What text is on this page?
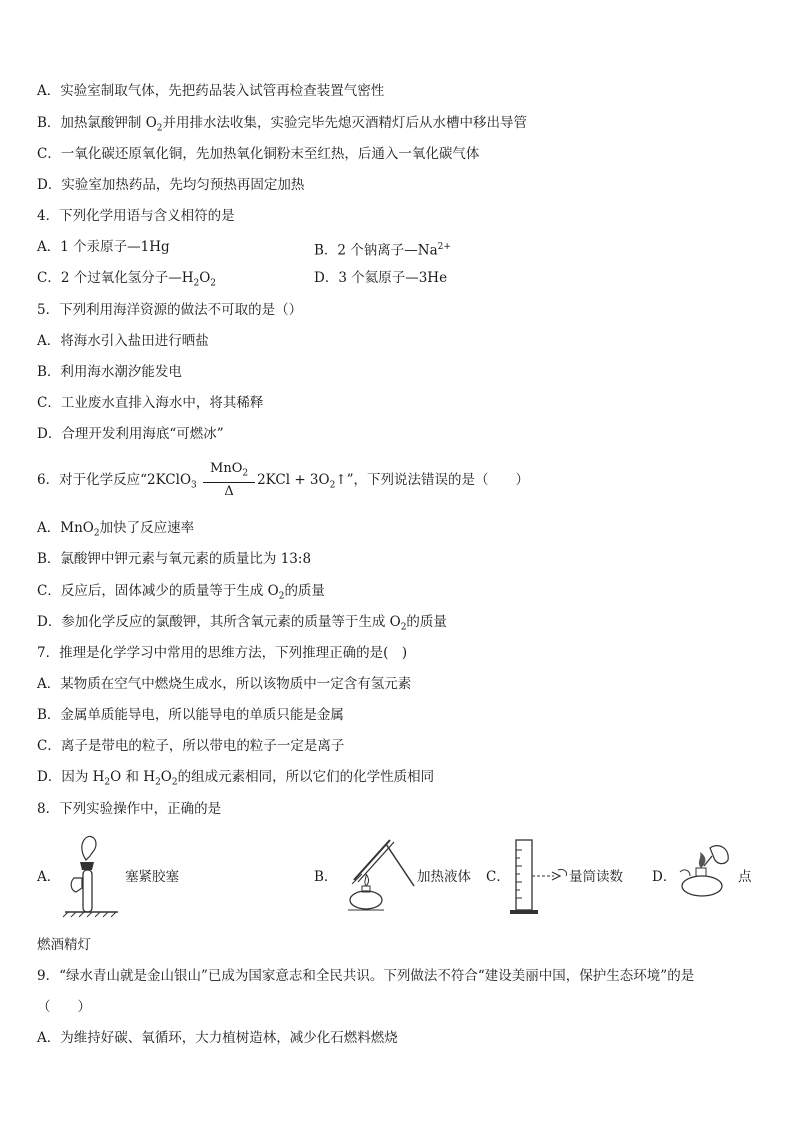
A．实验室制取气体，先把药品装入试管再检查装置气密性
B．加热氯酸钾制 $O_2$并用排水法收集，实验完毕先熄灭酒精灯后从水槽中移出导管
C．一氧化碳还原氧化铜，先加热氧化铜粉末至红热，后通入一氧化碳气体
D．实验室加热药品，先均匀预热再固定加热
4．下列化学用语与含义相符的是
A．1 个汞原子—1Hg	B．2 个钠离子$—Na^{2+}$
C．2 个过氧化氢分子$—H_2O_2$	D．3 个氦原子—3He
5．下列利用海洋资源的做法不可取的是（）
A．将海水引入盐田进行晒盐
B．利用海水潮汐能发电
C．工业废水直排入海水中，将其稀释
D．合理开发利用海底“可燃冰”
6．对于化学反应“2KClO$_3$ $\frac{MnO_2}{\Delta} 2KCl$ + $3O_2↑$”，下列说法错误的是（　　）
A．MnO$_2$加快了反应速率
B．氯酸钾中钾元素与氧元素的质量比为 13:8
C．反应后，固体减少的质量等于生成 $O_2$的质量
D．参加化学反应的氯酸钾，其所含氧元素的质量等于生成 $O_2$的质量
7．推理是化学学习中常用的思维方法，下列推理正确的是(　)
A．某物质在空气中燃烧生成水，所以该物质中一定含有氢元素
B．金属单质能导电，所以能导电的单质只能是金属
C．离子是带电的粒子，所以带电的粒子一定是离子
D．因为 $H_2O$ 和 $H_2O_2$的组成元素相同，所以它们的化学性质相同
8．下列实验操作中，正确的是
A．	塞紧胶塞	B．	加热液体 C．	量筒读数 D．	点
燃酒精灯
9．“绿水青山就是金山银山”已成为国家意志和全民共识。下列做法不符合“建设美丽中国，保护生态环境”的是
（　　）
A．为维持好碳、氧循环，大力植树造林，减少化石燃料燃烧
